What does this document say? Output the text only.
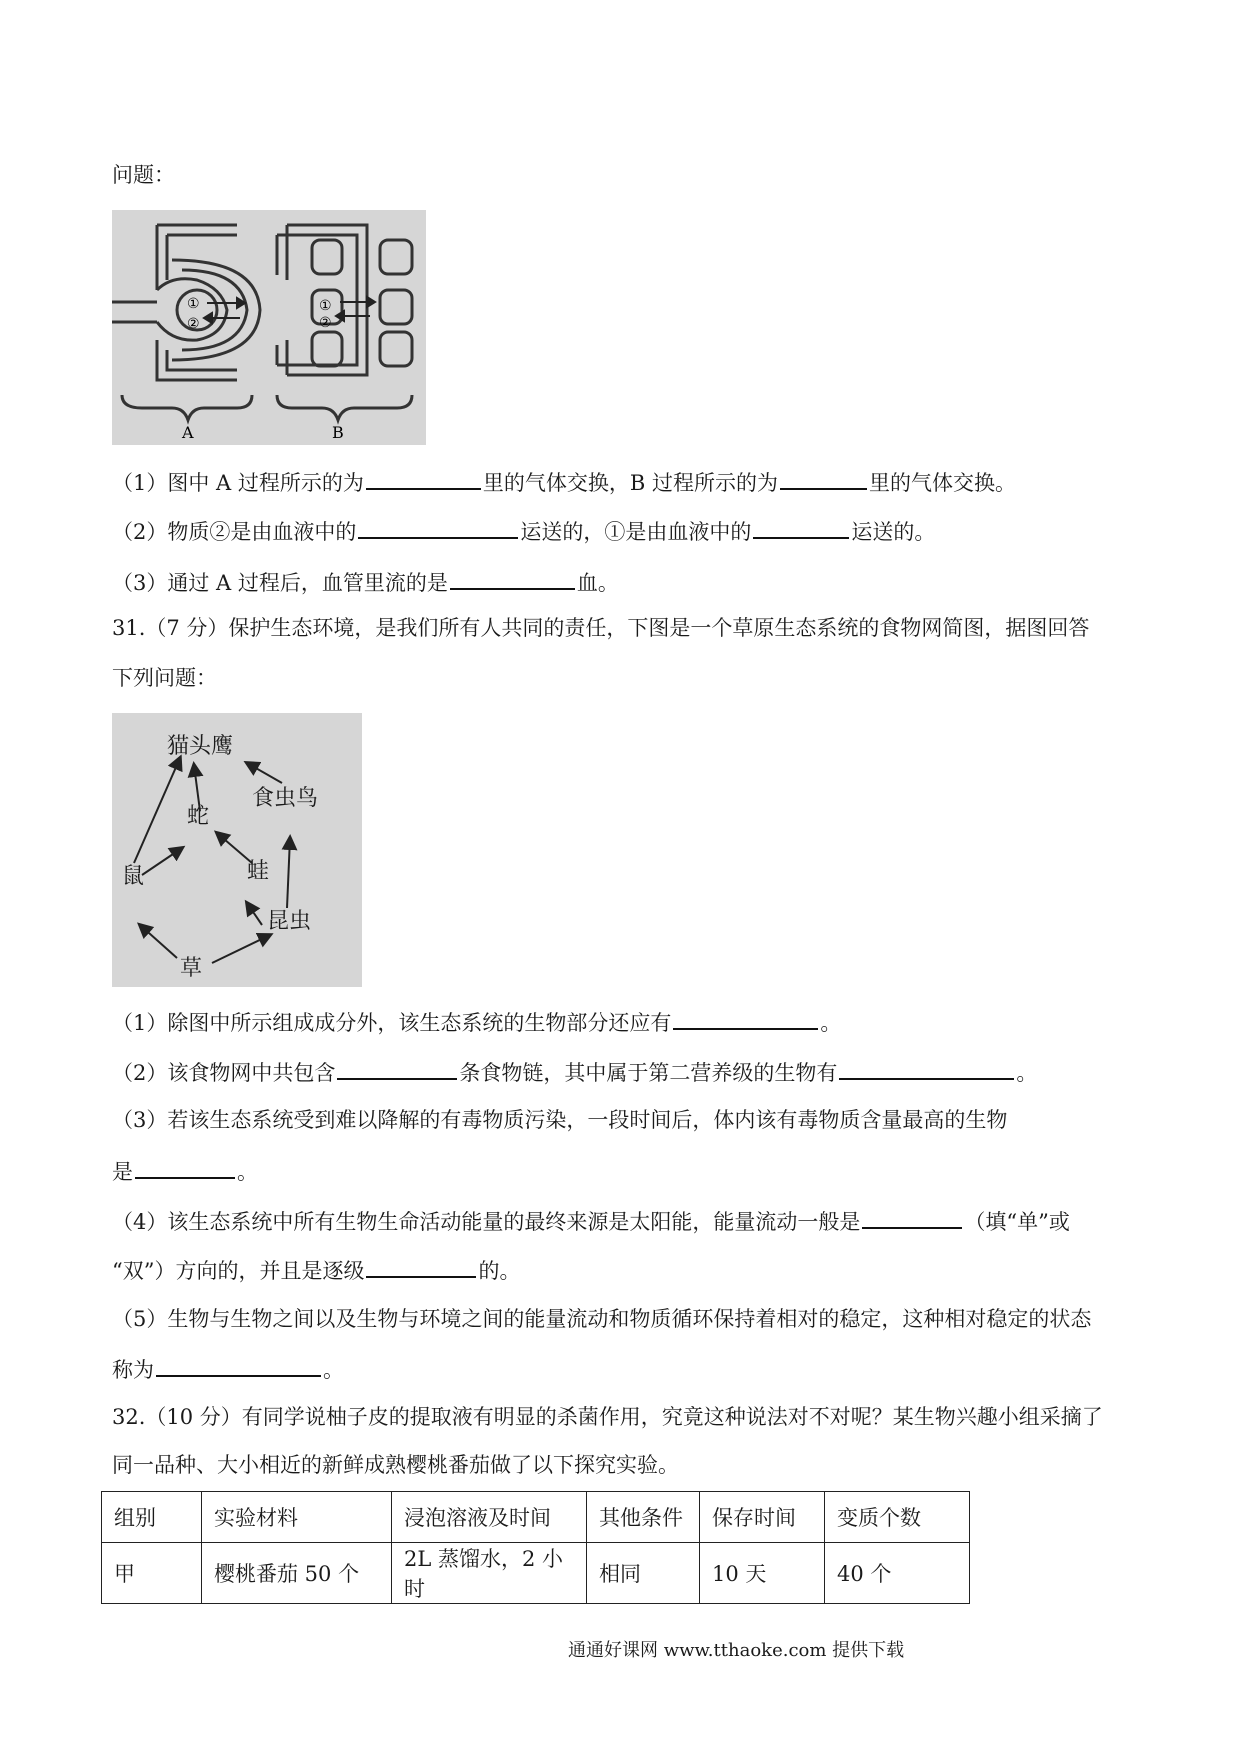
问题：
①
②
①
②
A	B
（1）图中 A 过程所示的为	里的气体交换，B 过程所示的为	里的气体交换。
（2）物质②是由血液中的	运送的，①是由血液中的	运送的。
（3）通过 A 过程后，血管里流的是	血。
31.（7 分）保护生态环境，是我们所有人共同的责任，下图是一个草原生态系统的食物网简图，据图回答
下列问题：
猫头鹰
蛇
食虫鸟
鼠	蛙
昆虫
草
（1）除图中所示组成成分外，该生态系统的生物部分还应有	。
（2）该食物网中共包含	条食物链，其中属于第二营养级的生物有	。
（3）若该生态系统受到难以降解的有毒物质污染，一段时间后，体内该有毒物质含量最高的生物
是	。
（4）该生态系统中所有生物生命活动能量的最终来源是太阳能，能量流动一般是	（填“单”或
“双”）方向的，并且是逐级	的。
（5）生物与生物之间以及生物与环境之间的能量流动和物质循环保持着相对的稳定，这种相对稳定的状态
称为	。
32.（10 分）有同学说柚子皮的提取液有明显的杀菌作用，究竟这种说法对不对呢？某生物兴趣小组采摘了
同一品种、大小相近的新鲜成熟樱桃番茄做了以下探究实验。
组别	实验材料	浸泡溶液及时间	其他条件	保存时间	变质个数
甲	樱桃番茄 50 个	2L 蒸馏水，2 小时	相同	10 天	40 个
通通好课网 www.tthaoke.com 提供下载
